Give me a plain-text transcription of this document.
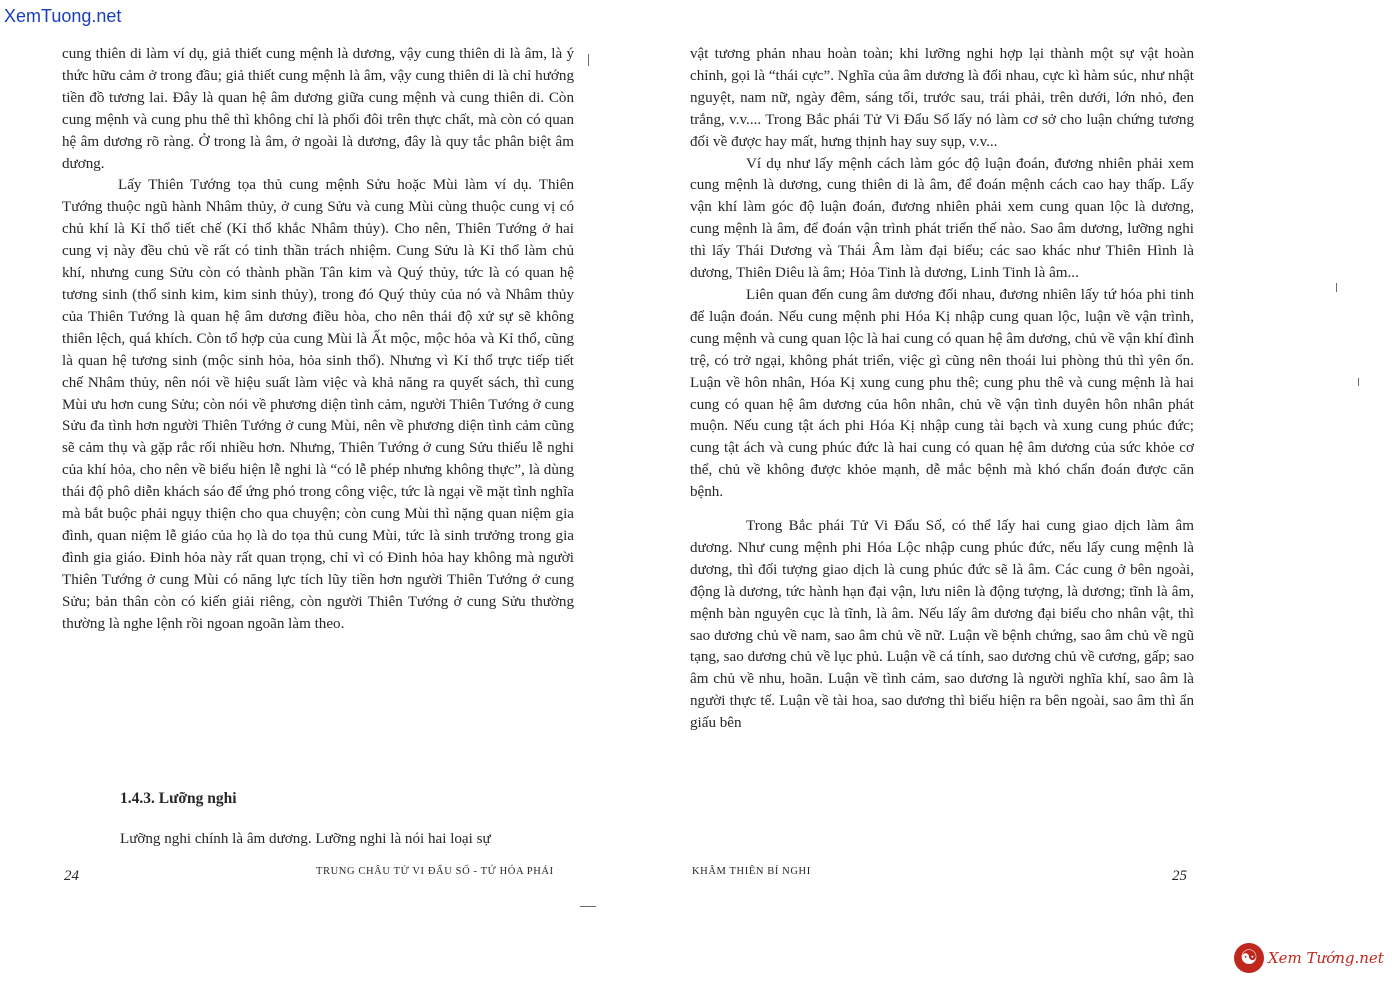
XemTuong.net

cung thiên di làm ví dụ, giả thiết cung mệnh là dương, vậy cung thiên di là âm, là ý thức hữu cảm ở trong đầu; giả thiết cung mệnh là âm, vậy cung thiên di là chỉ hướng tiền đồ tương lai. Đây là quan hệ âm dương giữa cung mệnh và cung thiên di. Còn cung mệnh và cung phu thê thì không chỉ là phối đôi trên thực chất, mà còn có quan hệ âm dương rõ ràng. Ở trong là âm, ở ngoài là dương, đây là quy tắc phân biệt âm dương.

Lấy Thiên Tướng tọa thủ cung mệnh Sửu hoặc Mùi làm ví dụ. Thiên Tướng thuộc ngũ hành Nhâm thủy, ở cung Sửu và cung Mùi cùng thuộc cung vị có chủ khí là Kỉ thổ tiết chế (Kỉ thổ khắc Nhâm thủy). Cho nên, Thiên Tướng ở hai cung vị này đều chủ về rất có tinh thần trách nhiệm. Cung Sửu là Kỉ thổ làm chủ khí, nhưng cung Sửu còn có thành phần Tân kim và Quý thủy, tức là có quan hệ tương sinh (thổ sinh kim, kim sinh thủy), trong đó Quý thủy của nó và Nhâm thủy của Thiên Tướng là quan hệ âm dương điều hòa, cho nên thái độ xử sự sẽ không thiên lệch, quá khích. Còn tổ hợp của cung Mùi là Ất mộc, mộc hỏa và Kỉ thổ, cũng là quan hệ tương sinh (mộc sinh hỏa, hỏa sinh thổ). Nhưng vì Kỉ thổ trực tiếp tiết chế Nhâm thủy, nên nói về hiệu suất làm việc và khả năng ra quyết sách, thì cung Mùi ưu hơn cung Sửu; còn nói về phương diện tình cảm, người Thiên Tướng ở cung Sửu đa tình hơn người Thiên Tướng ở cung Mùi, nên về phương diện tình cảm cũng sẽ cảm thụ và gặp rắc rối nhiều hơn. Nhưng, Thiên Tướng ở cung Sửu thiếu lễ nghi của khí hỏa, cho nên về biểu hiện lễ nghi là “có lễ phép nhưng không thực”, là dùng thái độ phô diễn khách sáo để ứng phó trong công việc, tức là ngại về mặt tình nghĩa mà bắt buộc phải ngụy thiện cho qua chuyện; còn cung Mùi thì nặng quan niệm gia đình, quan niệm lễ giáo của họ là do tọa thủ cung Mùi, tức là sinh trưởng trong gia đình gia giáo. Đinh hỏa này rất quan trọng, chỉ vì có Đinh hỏa hay không mà người Thiên Tướng ở cung Mùi có năng lực tích lũy tiền hơn người Thiên Tướng ở cung Sửu; bản thân còn có kiến giải riêng, còn người Thiên Tướng ở cung Sửu thường thường là nghe lệnh rồi ngoan ngoãn làm theo.

1.4.3. Lưỡng nghi
Lưỡng nghi chính là âm dương. Lưỡng nghi là nói hai loại sự
24	TRUNG CHÂU TỬ VI ĐẨU SỐ - TỨ HÓA PHÁI

vật tương phản nhau hoàn toàn; khi lưỡng nghi hợp lại thành một sự vật hoàn chỉnh, gọi là “thái cực”. Nghĩa của âm dương là đối nhau, cực kì hàm súc, như nhật nguyệt, nam nữ, ngày đêm, sáng tối, trước sau, trái phải, trên dưới, lớn nhỏ, đen trắng, v.v.... Trong Bắc phái Tử Vi Đẩu Số lấy nó làm cơ sở cho luận chứng tương đối về được hay mất, hưng thịnh hay suy sụp, v.v...

Ví dụ như lấy mệnh cách làm góc độ luận đoán, đương nhiên phải xem cung mệnh là dương, cung thiên di là âm, để đoán mệnh cách cao hay thấp. Lấy vận khí làm góc độ luận đoán, đương nhiên phải xem cung quan lộc là dương, cung mệnh là âm, để đoán vận trình phát triển thế nào. Sao âm dương, lưỡng nghi thì lấy Thái Dương và Thái Âm làm đại biểu; các sao khác như Thiên Hình là dương, Thiên Diêu là âm; Hỏa Tinh là dương, Linh Tinh là âm...

Liên quan đến cung âm dương đối nhau, đương nhiên lấy tứ hóa phi tinh để luận đoán. Nếu cung mệnh phi Hóa Kị nhập cung quan lộc, luận về vận trình, cung mệnh và cung quan lộc là hai cung có quan hệ âm dương, chủ về vận khí đình trệ, có trở ngại, không phát triển, việc gì cũng nên thoái lui phòng thủ thì yên ổn. Luận về hôn nhân, Hóa Kị xung cung phu thê; cung phu thê và cung mệnh là hai cung có quan hệ âm dương của hôn nhân, chủ về vận tình duyên hôn nhân phát muộn. Nếu cung tật ách phi Hóa Kị nhập cung tài bạch và xung cung phúc đức; cung tật ách và cung phúc đức là hai cung có quan hệ âm dương của sức khỏe cơ thể, chủ về không được khỏe mạnh, dễ mắc bệnh mà khó chẩn đoán được căn bệnh.

Trong Bắc phái Tử Vi Đẩu Số, có thể lấy hai cung giao dịch làm âm dương. Như cung mệnh phi Hóa Lộc nhập cung phúc đức, nếu lấy cung mệnh là dương, thì đối tượng giao dịch là cung phúc đức sẽ là âm. Các cung ở bên ngoài, động là dương, tức hành hạn đại vận, lưu niên là động tượng, là dương; tĩnh là âm, mệnh bàn nguyên cục là tĩnh, là âm. Nếu lấy âm dương đại biểu cho nhân vật, thì sao dương chủ về nam, sao âm chủ về nữ. Luận về bệnh chứng, sao âm chủ về ngũ tạng, sao dương chủ về lục phủ. Luận về cá tính, sao dương chủ về cương, gấp; sao âm chủ về nhu, hoãn. Luận về tình cảm, sao dương là người nghĩa khí, sao âm là người thực tế. Luận về tài hoa, sao dương thì biểu hiện ra bên ngoài, sao âm thì ẩn giấu bên

KHÂM THIÊN BÍ NGHI	25
☯ Xem Tướng.net
